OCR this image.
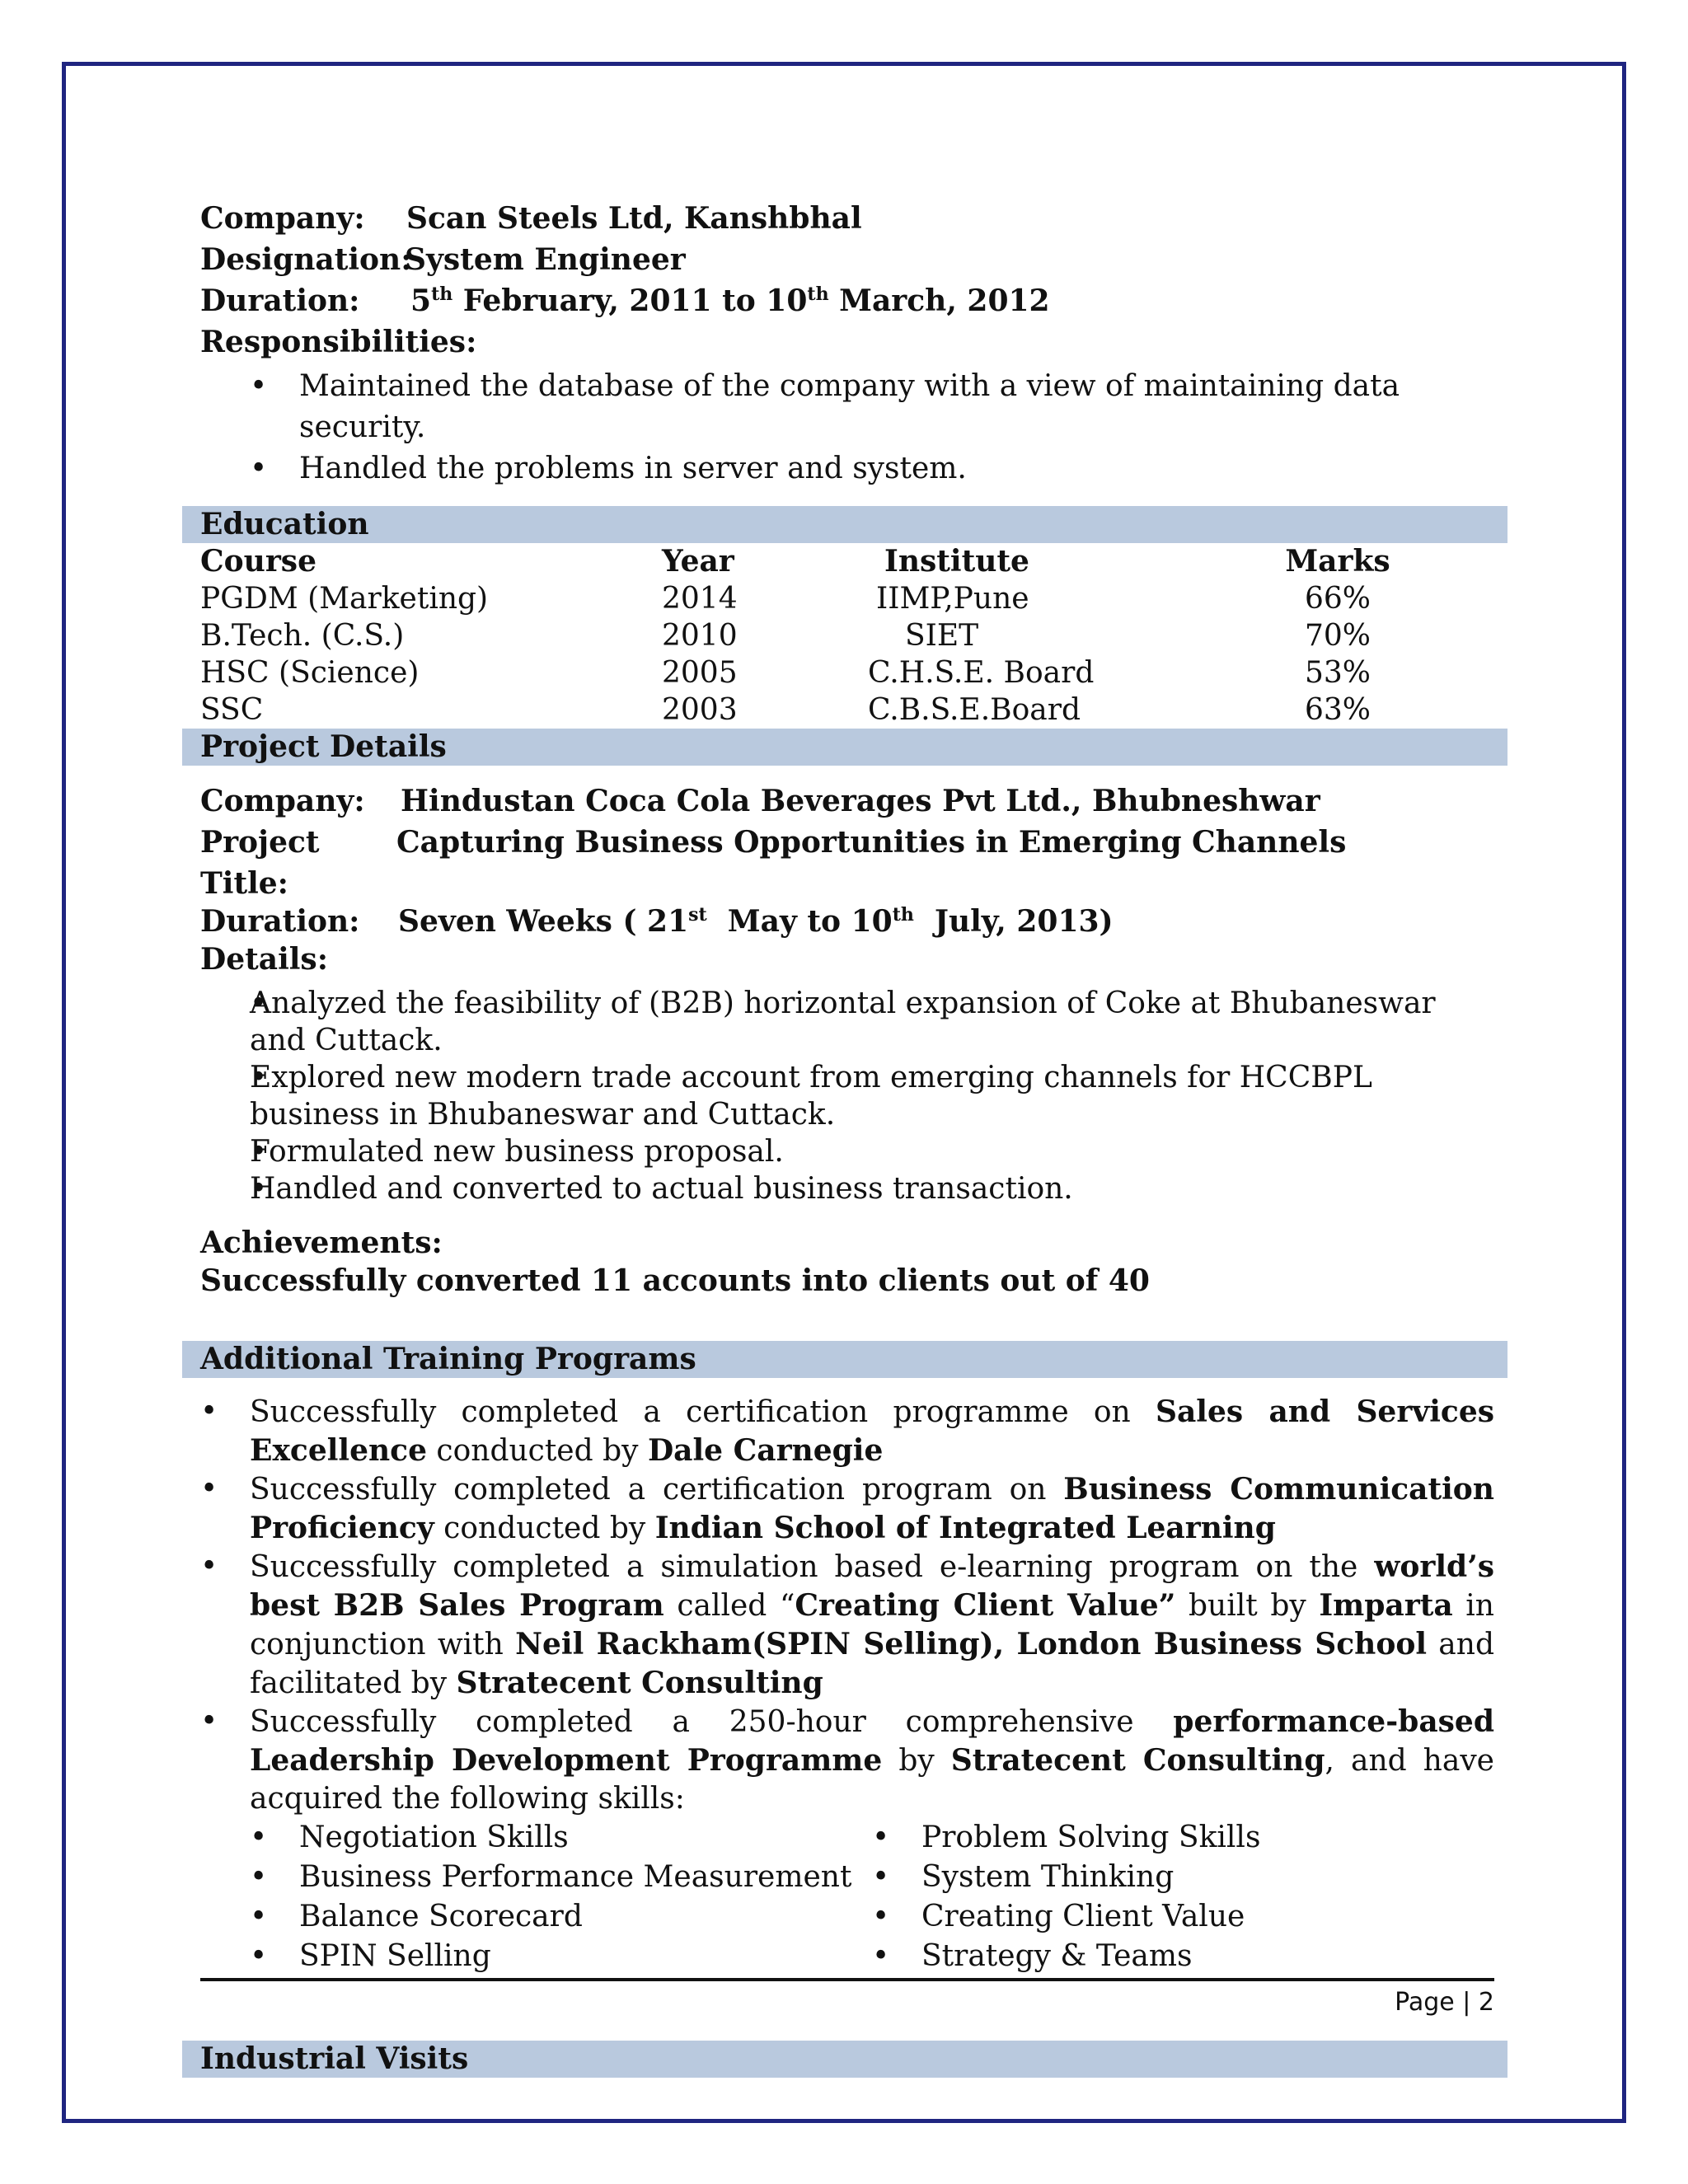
Company:	Scan Steels Ltd, Kanshbhal
Designation:
System Engineer
Duration:	5th February, 2011 to 10th March, 2012
Responsibilities:
• Maintained the database of the company with a view of maintaining data security.
• Handled the problems in server and system.
Education
Course	Year	Institute	Marks
PGDM (Marketing)	2014	IIMP,Pune	66%
B.Tech. (C.S.)	2010	SIET	70%
HSC (Science)	2005	C.H.S.E. Board	53%
SSC	2003	C.B.S.E.Board	63%
Project Details
Company:	Hindustan Coca Cola Beverages Pvt Ltd., Bhubneshwar
Project Title:
Capturing Business Opportunities in Emerging Channels
Duration:	Seven Weeks ( 21st  May to 10th  July, 2013)
Details:
• Analyzed the feasibility of (B2B) horizontal expansion of Coke at Bhubaneswar and Cuttack.
• Explored new modern trade account from emerging channels for HCCBPL business in Bhubaneswar and Cuttack.
• Formulated new business proposal.
• Handled and converted to actual business transaction.
Achievements:
Successfully converted 11 accounts into clients out of 40
Additional Training Programs
• Successfully completed a certification programme on Sales and Services Excellence conducted by Dale Carnegie
• Successfully completed a certification program on Business Communication Proficiency conducted by Indian School of Integrated Learning
• Successfully completed a simulation based e-learning program on the world’s best B2B Sales Program called “Creating Client Value” built by Imparta in conjunction with Neil Rackham(SPIN Selling), London Business School and facilitated by Stratecent Consulting
• Successfully completed a 250-hour comprehensive performance-based Leadership Development Programme by Stratecent Consulting, and have acquired the following skills:
• Negotiation Skills
• Business Performance Measurement
• Balance Scorecard
• SPIN Selling
• Problem Solving Skills
• System Thinking
• Creating Client Value
• Strategy & Teams
Industrial Visits
Page | 2
